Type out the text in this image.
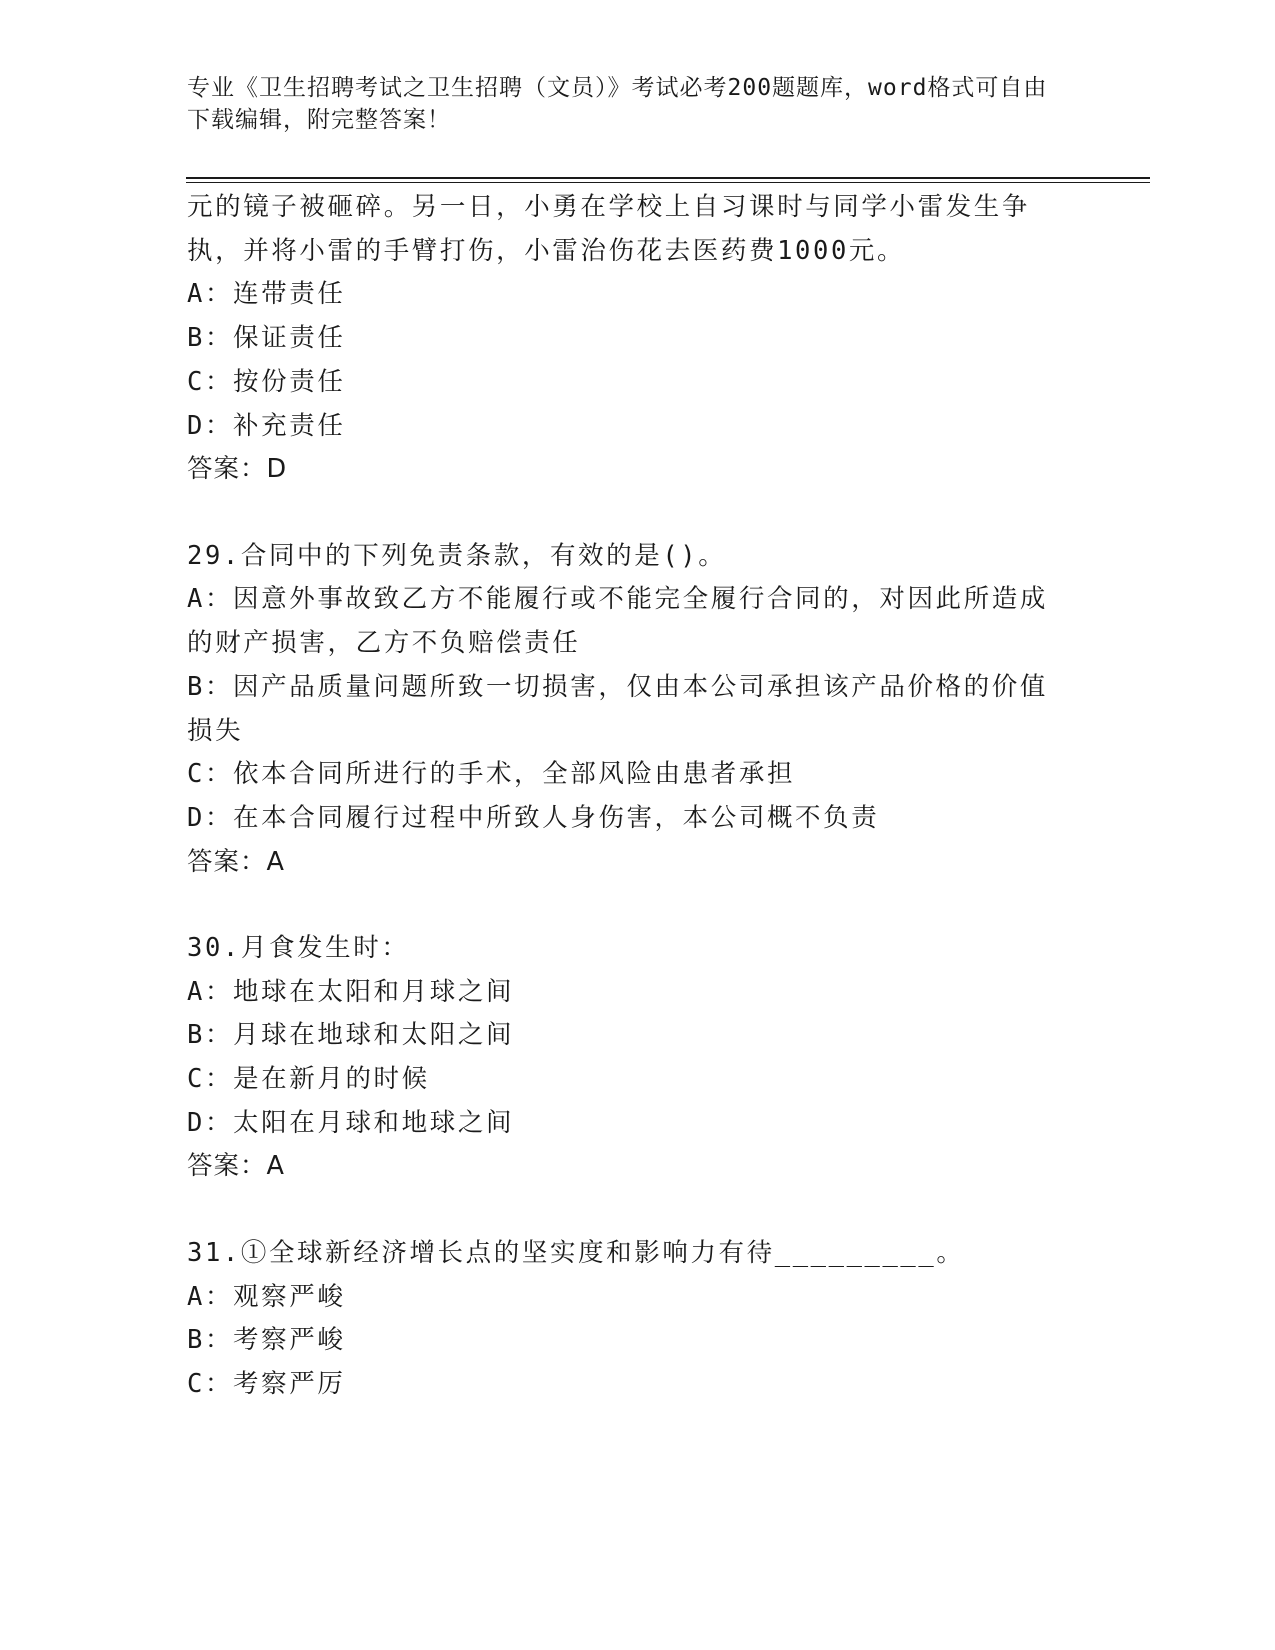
专业《卫生招聘考试之卫生招聘（文员）》考试必考200题题库，word格式可自由下载编辑，附完整答案！
元的镜子被砸碎。另一日，小勇在学校上自习课时与同学小雷发生争
执，并将小雷的手臂打伤，小雷治伤花去医药费1000元。
A：连带责任
B：保证责任
C：按份责任
D：补充责任
答案：D
29.合同中的下列免责条款，有效的是()。
A：因意外事故致乙方不能履行或不能完全履行合同的，对因此所造成
的财产损害，乙方不负赔偿责任
B：因产品质量问题所致一切损害，仅由本公司承担该产品价格的价值
损失
C：依本合同所进行的手术，全部风险由患者承担
D：在本合同履行过程中所致人身伤害，本公司概不负责
答案：A
30.月食发生时：
A：地球在太阳和月球之间
B：月球在地球和太阳之间
C：是在新月的时候
D：太阳在月球和地球之间
答案：A
31.①全球新经济增长点的坚实度和影响力有待_________。
A：观察严峻
B：考察严峻
C：考察严厉
